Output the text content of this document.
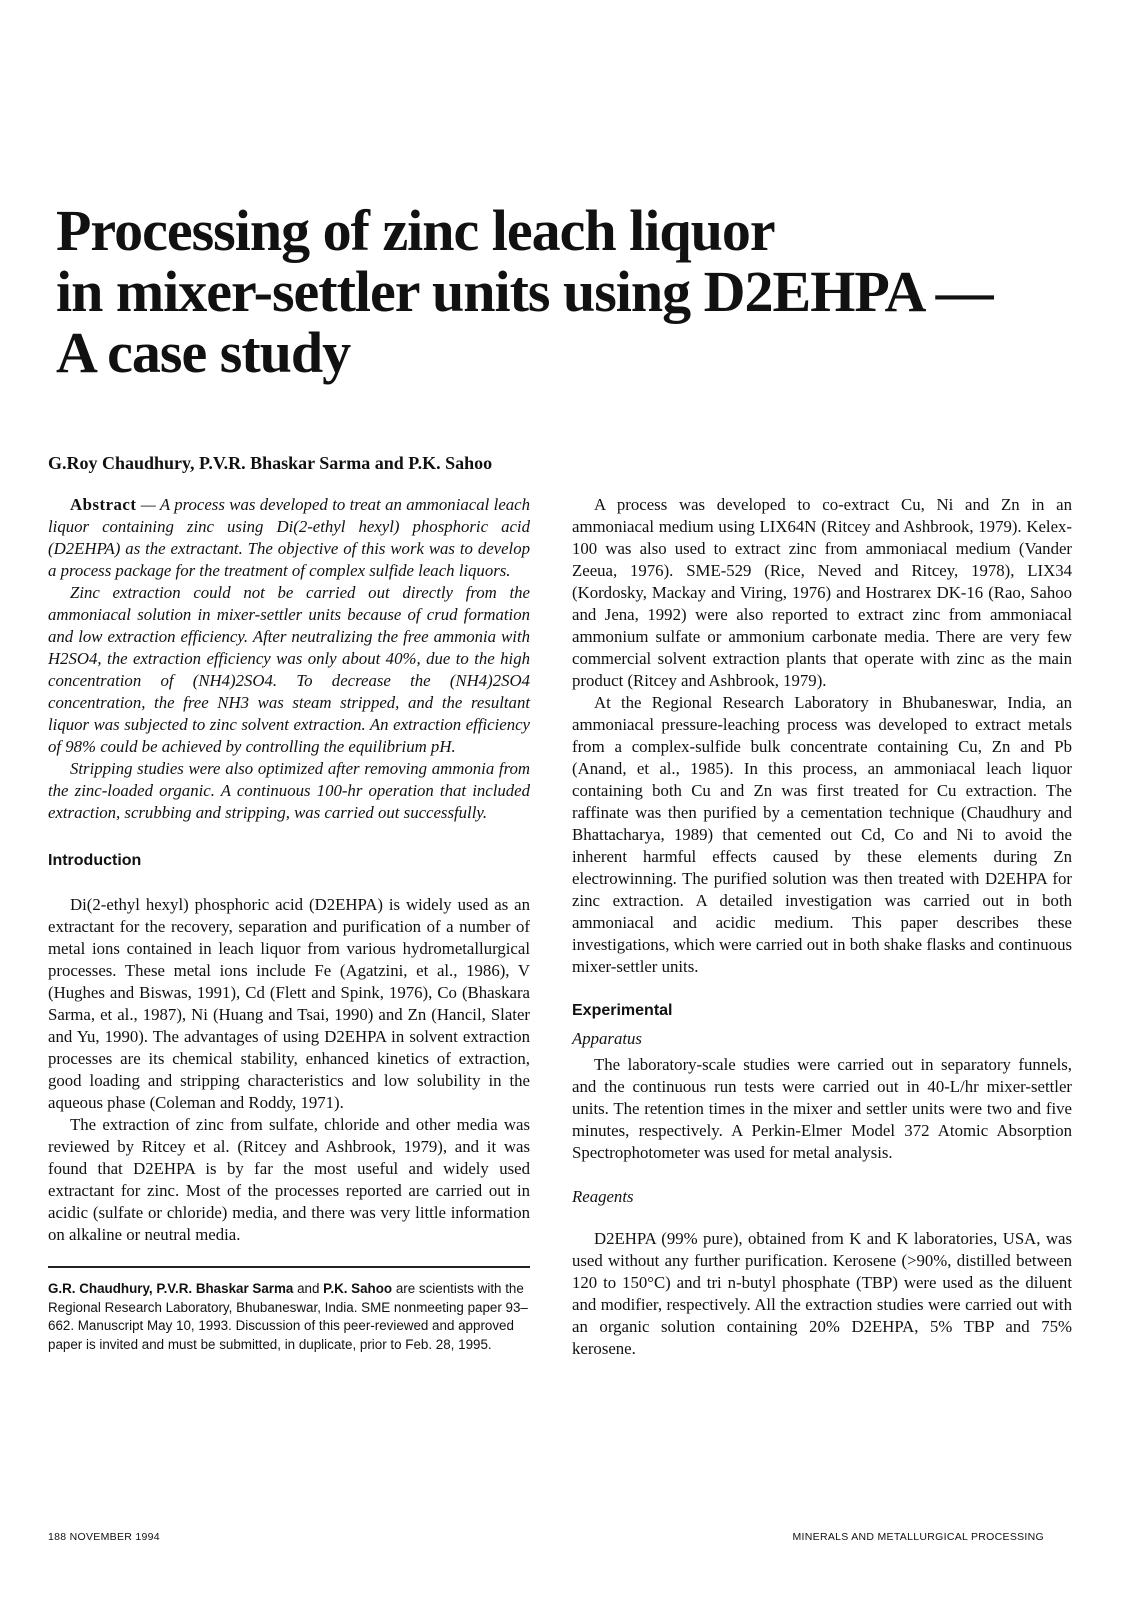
Processing of zinc leach liquor
in mixer-settler units using D2EHPA —
A case study
G.Roy Chaudhury, P.V.R. Bhaskar Sarma and P.K. Sahoo

Abstract — A process was developed to treat an ammoniacal leach liquor containing zinc using Di(2-ethyl hexyl) phosphoric acid (D2EHPA) as the extractant. The objective of this work was to develop a process package for the treatment of complex sulfide leach liquors.

Zinc extraction could not be carried out directly from the ammoniacal solution in mixer-settler units because of crud formation and low extraction efficiency. After neutralizing the free ammonia with H2SO4, the extraction efficiency was only about 40%, due to the high concentration of (NH4)2SO4. To decrease the (NH4)2SO4 concentration, the free NH3 was steam stripped, and the resultant liquor was subjected to zinc solvent extraction. An extraction efficiency of 98% could be achieved by controlling the equilibrium pH.

Stripping studies were also optimized after removing ammonia from the zinc-loaded organic. A continuous 100-hr operation that included extraction, scrubbing and stripping, was carried out successfully.

Introduction

Di(2-ethyl hexyl) phosphoric acid (D2EHPA) is widely used as an extractant for the recovery, separation and purification of a number of metal ions contained in leach liquor from various hydrometallurgical processes. These metal ions include Fe (Agatzini, et al., 1986), V (Hughes and Biswas, 1991), Cd (Flett and Spink, 1976), Co (Bhaskara Sarma, et al., 1987), Ni (Huang and Tsai, 1990) and Zn (Hancil, Slater and Yu, 1990). The advantages of using D2EHPA in solvent extraction processes are its chemical stability, enhanced kinetics of extraction, good loading and stripping characteristics and low solubility in the aqueous phase (Coleman and Roddy, 1971).

The extraction of zinc from sulfate, chloride and other media was reviewed by Ritcey et al. (Ritcey and Ashbrook, 1979), and it was found that D2EHPA is by far the most useful and widely used extractant for zinc. Most of the processes reported are carried out in acidic (sulfate or chloride) media, and there was very little information on alkaline or neutral media.

G.R. Chaudhury, P.V.R. Bhaskar Sarma and P.K. Sahoo are scientists with the Regional Research Laboratory, Bhubaneswar, India. SME nonmeeting paper 93–662. Manuscript May 10, 1993. Discussion of this peer-reviewed and approved paper is invited and must be submitted, in duplicate, prior to Feb. 28, 1995.

A process was developed to co-extract Cu, Ni and Zn in an ammoniacal medium using LIX64N (Ritcey and Ashbrook, 1979). Kelex-100 was also used to extract zinc from ammoniacal medium (Vander Zeeua, 1976). SME-529 (Rice, Neved and Ritcey, 1978), LIX34 (Kordosky, Mackay and Viring, 1976) and Hostrarex DK-16 (Rao, Sahoo and Jena, 1992) were also reported to extract zinc from ammoniacal ammonium sulfate or ammonium carbonate media. There are very few commercial solvent extraction plants that operate with zinc as the main product (Ritcey and Ashbrook, 1979).

At the Regional Research Laboratory in Bhubaneswar, India, an ammoniacal pressure-leaching process was developed to extract metals from a complex-sulfide bulk concentrate containing Cu, Zn and Pb (Anand, et al., 1985). In this process, an ammoniacal leach liquor containing both Cu and Zn was first treated for Cu extraction. The raffinate was then purified by a cementation technique (Chaudhury and Bhattacharya, 1989) that cemented out Cd, Co and Ni to avoid the inherent harmful effects caused by these elements during Zn electrowinning. The purified solution was then treated with D2EHPA for zinc extraction. A detailed investigation was carried out in both ammoniacal and acidic medium. This paper describes these investigations, which were carried out in both shake flasks and continuous mixer-settler units.

Experimental
Apparatus

The laboratory-scale studies were carried out in separatory funnels, and the continuous run tests were carried out in 40-L/hr mixer-settler units. The retention times in the mixer and settler units were two and five minutes, respectively. A Perkin-Elmer Model 372 Atomic Absorption Spectrophotometer was used for metal analysis.

Reagents

D2EHPA (99% pure), obtained from K and K laboratories, USA, was used without any further purification. Kerosene (>90%, distilled between 120 to 150°C) and tri n-butyl phosphate (TBP) were used as the diluent and modifier, respectively. All the extraction studies were carried out with an organic solution containing 20% D2EHPA, 5% TBP and 75% kerosene.

188 NOVEMBER 1994	MINERALS AND METALLURGICAL PROCESSING
